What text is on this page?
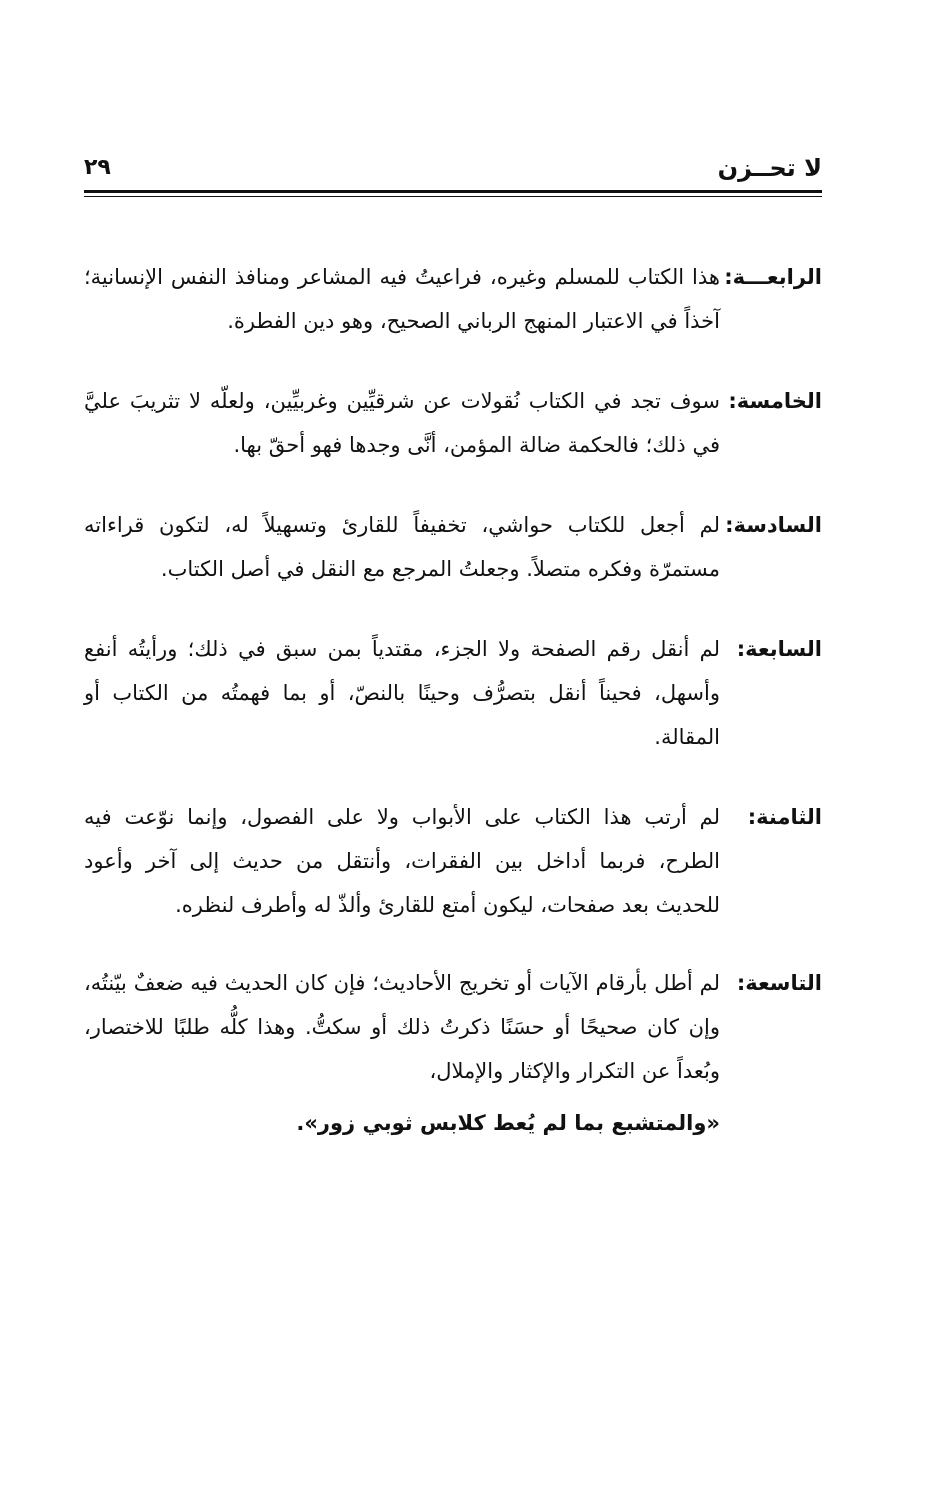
لا تحــزن
٢٩
الرابعـــة:
هذا الكتاب للمسلم وغيره، فراعيتُ فيه المشاعر ومنافذ النفس الإنسانية؛ آخذاً في الاعتبار المنهج الرباني الصحيح، وهو دين الفطرة.
الخامسة:
سوف تجد في الكتاب نُقولات عن شرقيِّين وغربيِّين، ولعلّه لا تثريبَ عليَّ في ذلك؛ فالحكمة ضالة المؤمن، أنَّى وجدها فهو أحقّ بها.
السادسة:
لم أجعل للكتاب حواشي، تخفيفاً للقارئ وتسهيلاً له، لتكون قراءاته مستمرّة وفكره متصلاً. وجعلتُ المرجع مع النقل في أصل الكتاب.
السابعة:
لم أنقل رقم الصفحة ولا الجزء، مقتدياً بمن سبق في ذلك؛ ورأيتُه أنفع وأسهل، فحيناً أنقل بتصرُّف وحينًا بالنصّ، أو بما فهمتُه من الكتاب أو المقالة.
الثامنة:
لم أرتب هذا الكتاب على الأبواب ولا على الفصول، وإنما نوّعت فيه الطرح، فربما أداخل بين الفقرات، وأنتقل من حديث إلى آخر وأعود للحديث بعد صفحات، ليكون أمتع للقارئ وألذّ له وأطرف لنظره.
التاسعة:
لم أطل بأرقام الآيات أو تخريج الأحاديث؛ فإن كان الحديث فيه ضعفٌ بيّنتُه، وإن كان صحيحًا أو حسَنًا ذكرتُ ذلك أو سكتُّ. وهذا كلُّه طلبًا للاختصار، وبُعداً عن التكرار والإكثار والإملال،
«والمتشبع بما لم يُعط كلابس ثوبي زور».
